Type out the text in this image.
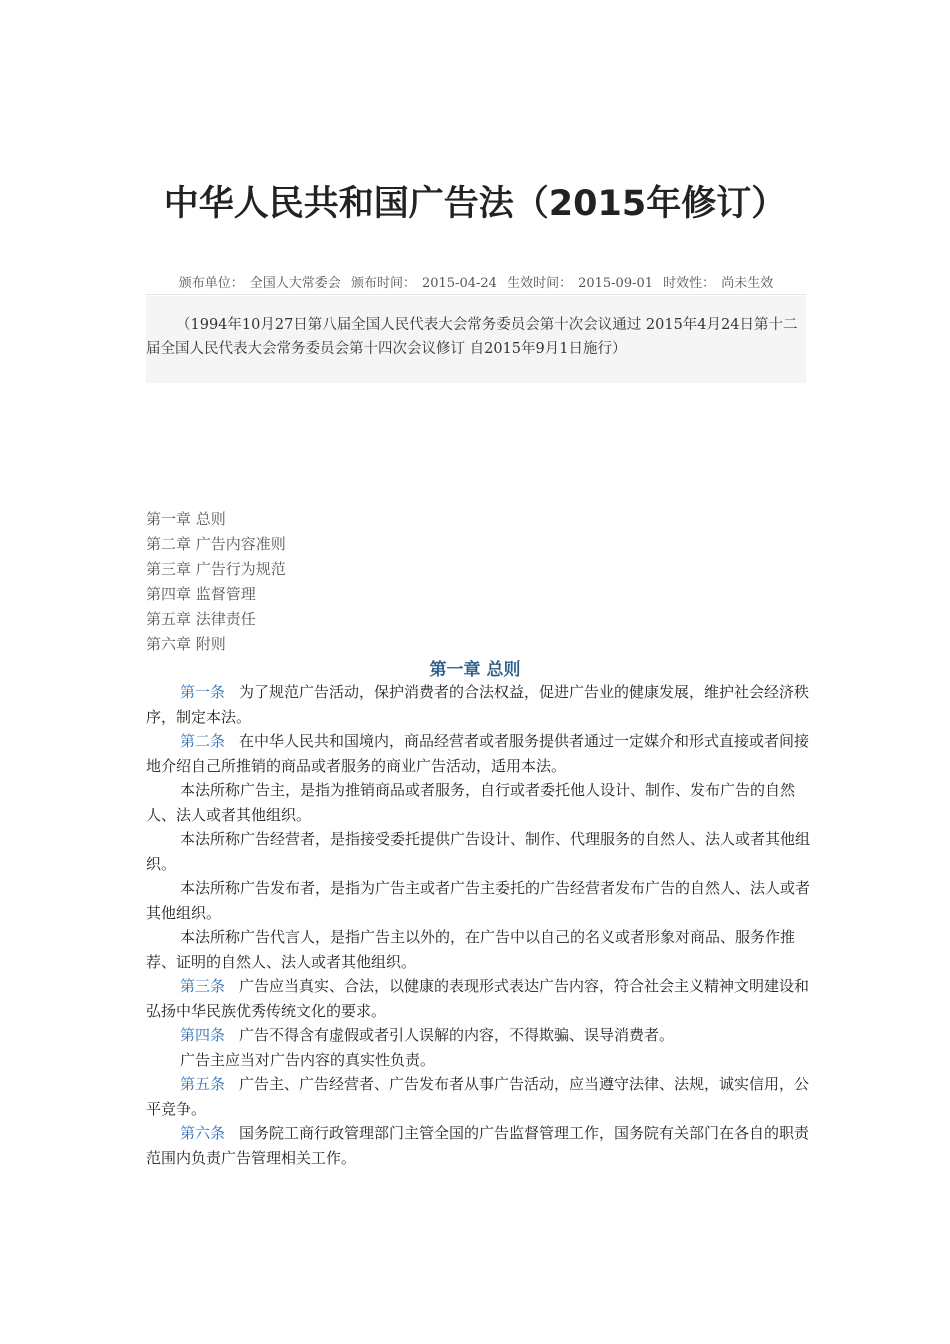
中华人民共和国广告法（2015年修订）
颁布单位： 全国人大常委会 颁布时间： 2015-04-24 生效时间： 2015-09-01 时效性： 尚未生效
（1994年10月27日第八届全国人民代表大会常务委员会第十次会议通过 2015年4月24日第十二届全国人民代表大会常务委员会第十四次会议修订 自2015年9月1日施行）
第一章 总则
第二章 广告内容准则
第三章 广告行为规范
第四章 监督管理
第五章 法律责任
第六章 附则
第一章 总则

第一条 为了规范广告活动，保护消费者的合法权益，促进广告业的健康发展，维护社会经济秩序，制定本法。

第二条 在中华人民共和国境内，商品经营者或者服务提供者通过一定媒介和形式直接或者间接地介绍自己所推销的商品或者服务的商业广告活动，适用本法。

本法所称广告主，是指为推销商品或者服务，自行或者委托他人设计、制作、发布广告的自然人、法人或者其他组织。

本法所称广告经营者，是指接受委托提供广告设计、制作、代理服务的自然人、法人或者其他组织。

本法所称广告发布者，是指为广告主或者广告主委托的广告经营者发布广告的自然人、法人或者其他组织。

本法所称广告代言人，是指广告主以外的，在广告中以自己的名义或者形象对商品、服务作推荐、证明的自然人、法人或者其他组织。

第三条 广告应当真实、合法，以健康的表现形式表达广告内容，符合社会主义精神文明建设和弘扬中华民族优秀传统文化的要求。

第四条 广告不得含有虚假或者引人误解的内容，不得欺骗、误导消费者。

广告主应当对广告内容的真实性负责。

第五条 广告主、广告经营者、广告发布者从事广告活动，应当遵守法律、法规，诚实信用，公平竞争。

第六条 国务院工商行政管理部门主管全国的广告监督管理工作，国务院有关部门在各自的职责范围内负责广告管理相关工作。
